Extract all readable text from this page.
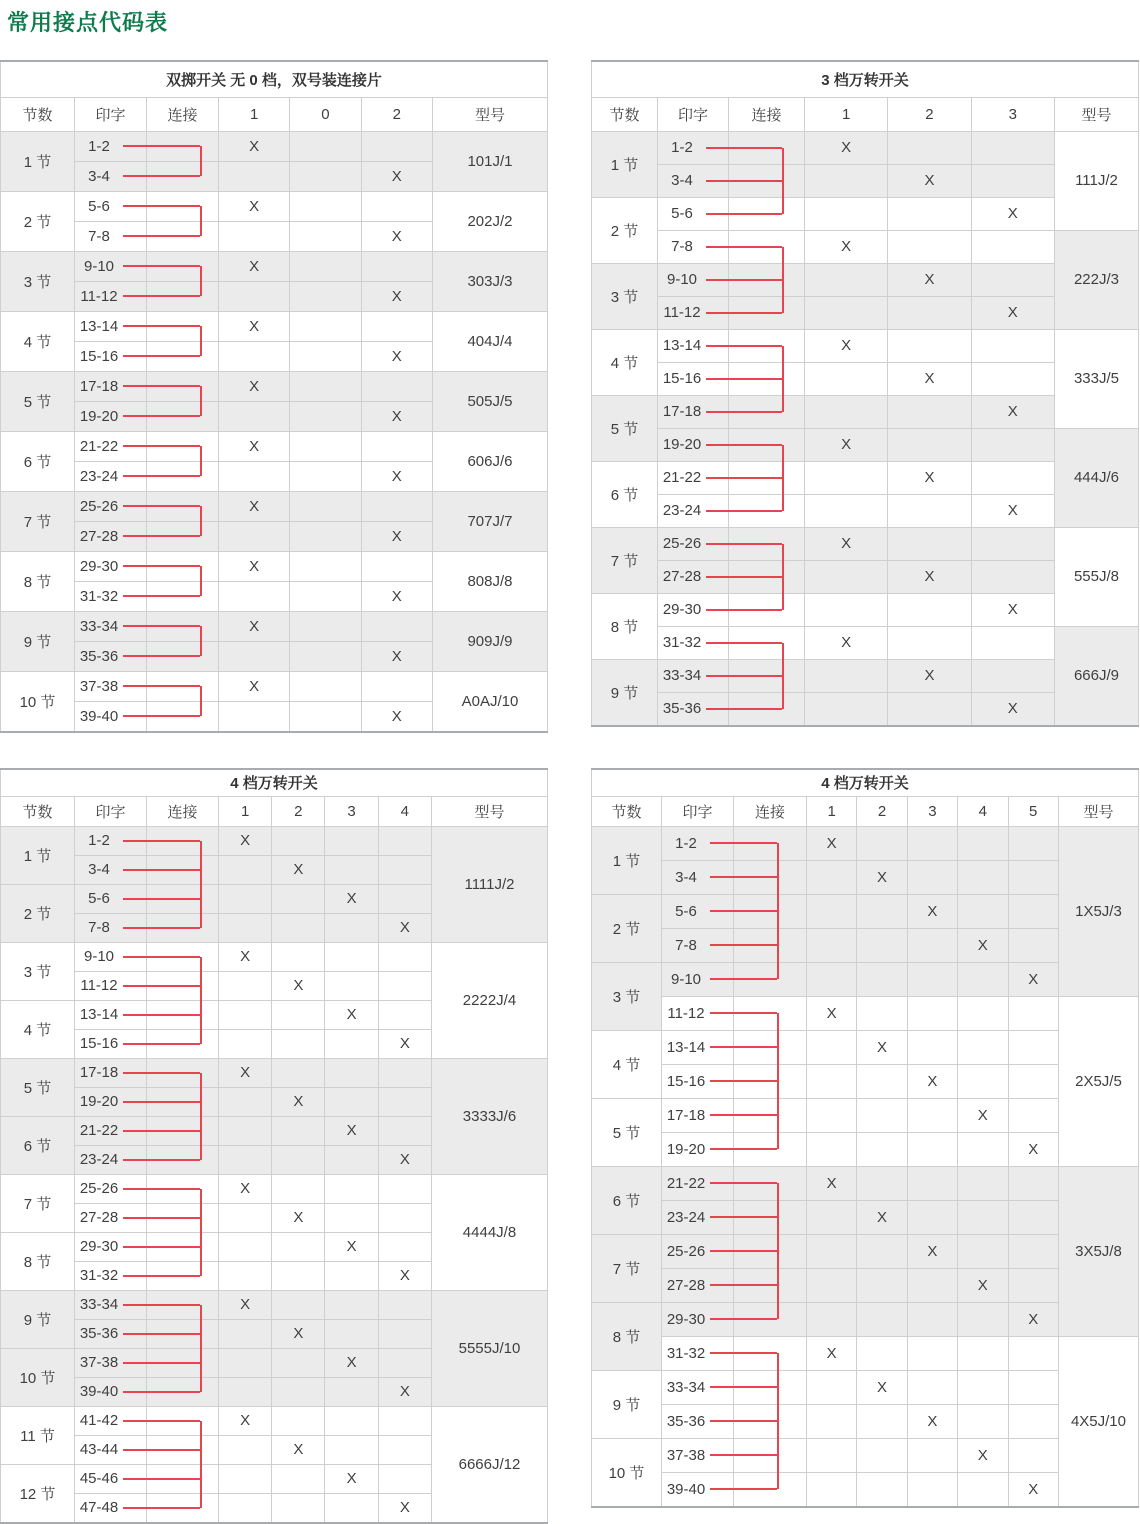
常用接点代码表
双掷开关 无 0 档，双号装连接片						
节数	印字	连接	1	0	2	型号
1 节	1-2		X			101J/1

	3-4				X	
2 节	5-6		X			202J/2

	7-8				X	
3 节	9-10		X			303J/3

	11-12				X	
4 节	13-14		X			404J/4

	15-16				X	
5 节	17-18		X			505J/5

	19-20				X	
6 节	21-22		X			606J/6

	23-24				X	
7 节	25-26		X			707J/7

	27-28				X	
8 节	29-30		X			808J/8

	31-32				X	
9 节	33-34		X			909J/9

	35-36				X	
10 节	37-38		X			A0AJ/10

	39-40				X	
3 档万转开关						
节数	印字	连接	1	2	3	型号
1 节	1-2		X			111J/2

	3-4			X		
2 节	5-6				X	

	7-8		X			222J/3
3 节	9-10			X		

	11-12				X	
4 节	13-14		X			333J/5

	15-16			X		
5 节	17-18				X	

	19-20		X			444J/6
6 节	21-22			X		

	23-24				X	
7 节	25-26		X			555J/8

	27-28			X		
8 节	29-30				X	

	31-32		X			666J/9
9 节	33-34			X		

	35-36				X	
4 档万转开关							
节数	印字	连接	1	2	3	4	型号
1 节	1-2		X				1111J/2

	3-4			X			
2 节	5-6				X		

	7-8					X	
3 节	9-10		X				2222J/4

	11-12			X			
4 节	13-14				X		

	15-16					X	
5 节	17-18		X				3333J/6

	19-20			X			
6 节	21-22				X		

	23-24					X	
7 节	25-26		X				4444J/8

	27-28			X			
8 节	29-30				X		

	31-32					X	
9 节	33-34		X				5555J/10

	35-36			X			
10 节	37-38				X		

	39-40					X	
11 节	41-42		X				6666J/12

	43-44			X			
12 节	45-46				X		

	47-48					X	
4 档万转开关								
节数	印字	连接	1	2	3	4	5	型号
1 节	1-2		X					1X5J/3

	3-4			X				
2 节	5-6				X			

	7-8					X		
3 节	9-10						X	

	11-12		X					2X5J/5
4 节	13-14			X				

	15-16				X			
5 节	17-18					X		

	19-20						X	
6 节	21-22		X					3X5J/8

	23-24			X				
7 节	25-26				X			

	27-28					X		
8 节	29-30						X	

	31-32		X					4X5J/10
9 节	33-34			X				

	35-36				X			
10 节	37-38					X		

	39-40						X	
